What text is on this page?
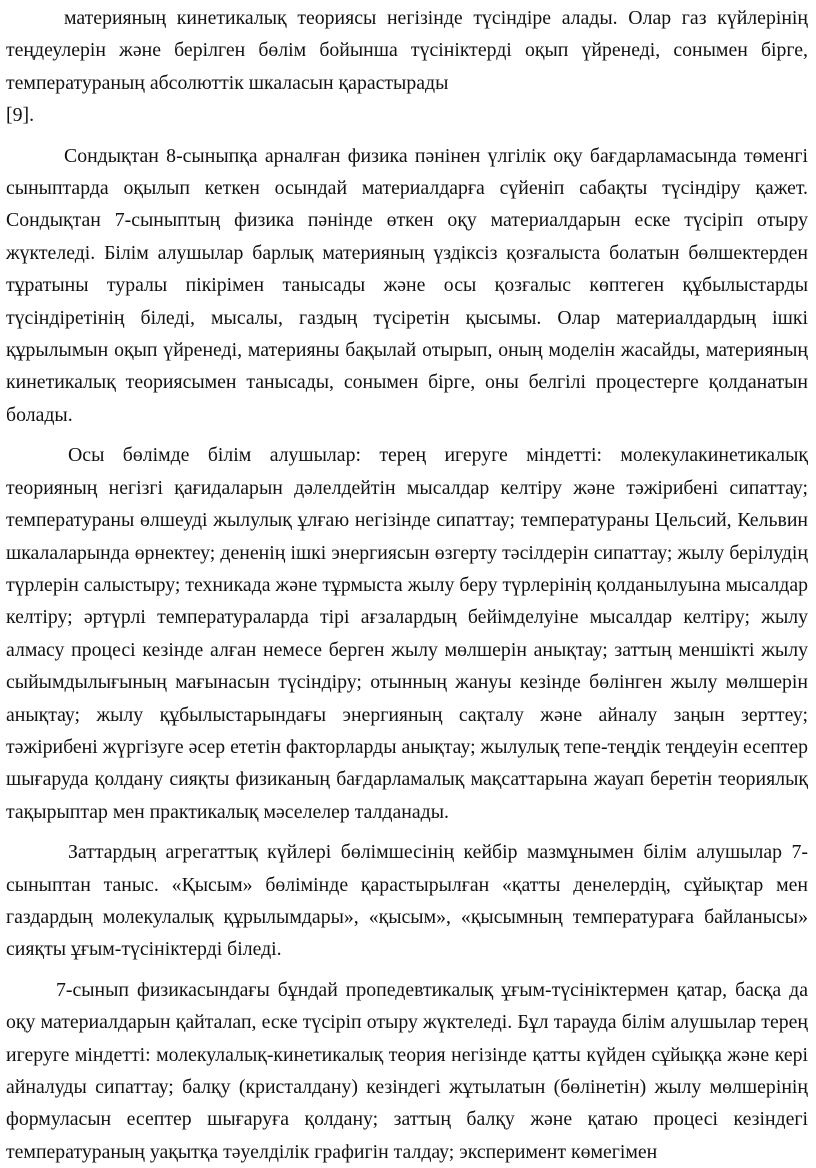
материяның кинетикалық теориясы негізінде түсіндіре алады. Олар газ күйлерінің теңдеулерін және берілген бөлім бойынша түсініктерді оқып үйренеді, сонымен бірге, температураның абсолюттік шкаласын қарастырады

[9].

Сондықтан 8-сыныпқа арналған физика пәнінен үлгілік оқу бағдарламасында төменгі сыныптарда оқылып кеткен осындай материалдарға сүйеніп сабақты түсіндіру қажет. Сондықтан 7-сыныптың физика пәнінде өткен оқу материалдарын еске түсіріп отыру жүктеледі. Білім алушылар барлық материяның үздіксіз қозғалыста болатын бөлшектерден тұратыны туралы пікірімен танысады және осы қозғалыс көптеген құбылыстарды түсіндіретінің біледі, мысалы, газдың түсіретін қысымы. Олар материалдардың ішкі құрылымын оқып үйренеді, материяны бақылай отырып, оның моделін жасайды, материяның кинетикалық теориясымен танысады, сонымен бірге, оны белгілі процестерге қолданатын болады.

Осы бөлімде білім алушылар: терең игеруге міндетті: молекулакинетикалық теорияның негізгі қағидаларын дәлелдейтін мысалдар келтіру және тәжірибені сипаттау; температураны өлшеуді жылулық ұлғаю негізінде сипаттау; температураны Цельсий, Кельвин шкалаларында өрнектеу; дененің ішкі энергиясын өзгерту тәсілдерін сипаттау; жылу берілудің түрлерін салыстыру; техникада және тұрмыста жылу беру түрлерінің қолданылуына мысалдар келтіру; әртүрлі температураларда тірі ағзалардың бейімделуіне мысалдар келтіру; жылу алмасу процесі кезінде алған немесе берген жылу мөлшерін анықтау; заттың меншікті жылу сыйымдылығының мағынасын түсіндіру; отынның жануы кезінде бөлінген жылу мөлшерін анықтау; жылу құбылыстарындағы энергияның сақталу және айналу заңын зерттеу; тәжірибені жүргізуге әсер ететін факторларды анықтау; жылулық тепе-теңдік теңдеуін есептер шығаруда қолдану сияқты физиканың бағдарламалық мақсаттарына жауап беретін теориялық тақырыптар мен практикалық мәселелер талданады.

Заттардың агрегаттық күйлері бөлімшесінің кейбір мазмұнымен білім алушылар 7-сыныптан таныс. «Қысым» бөлімінде қарастырылған «қатты денелердің, сұйықтар мен газдардың молекулалық құрылымдары», «қысым», «қысымның температураға байланысы» сияқты ұғым-түсініктерді біледі.

7-сынып физикасындағы бұндай пропедевтикалық ұғым-түсініктермен қатар, басқа да оқу материалдарын қайталап, еске түсіріп отыру жүктеледі. Бұл тарауда білім алушылар терең игеруге міндетті: молекулалық-кинетикалық теория негізінде қатты күйден сұйыққа және кері айналуды сипаттау; балқу (кристалдану) кезіндегі жұтылатын (бөлінетін) жылу мөлшерінің формуласын есептер шығаруға қолдану; заттың балқу және қатаю процесі кезіндегі температураның уақытқа тәуелділік графигін талдау; эксперимент көмегімен
